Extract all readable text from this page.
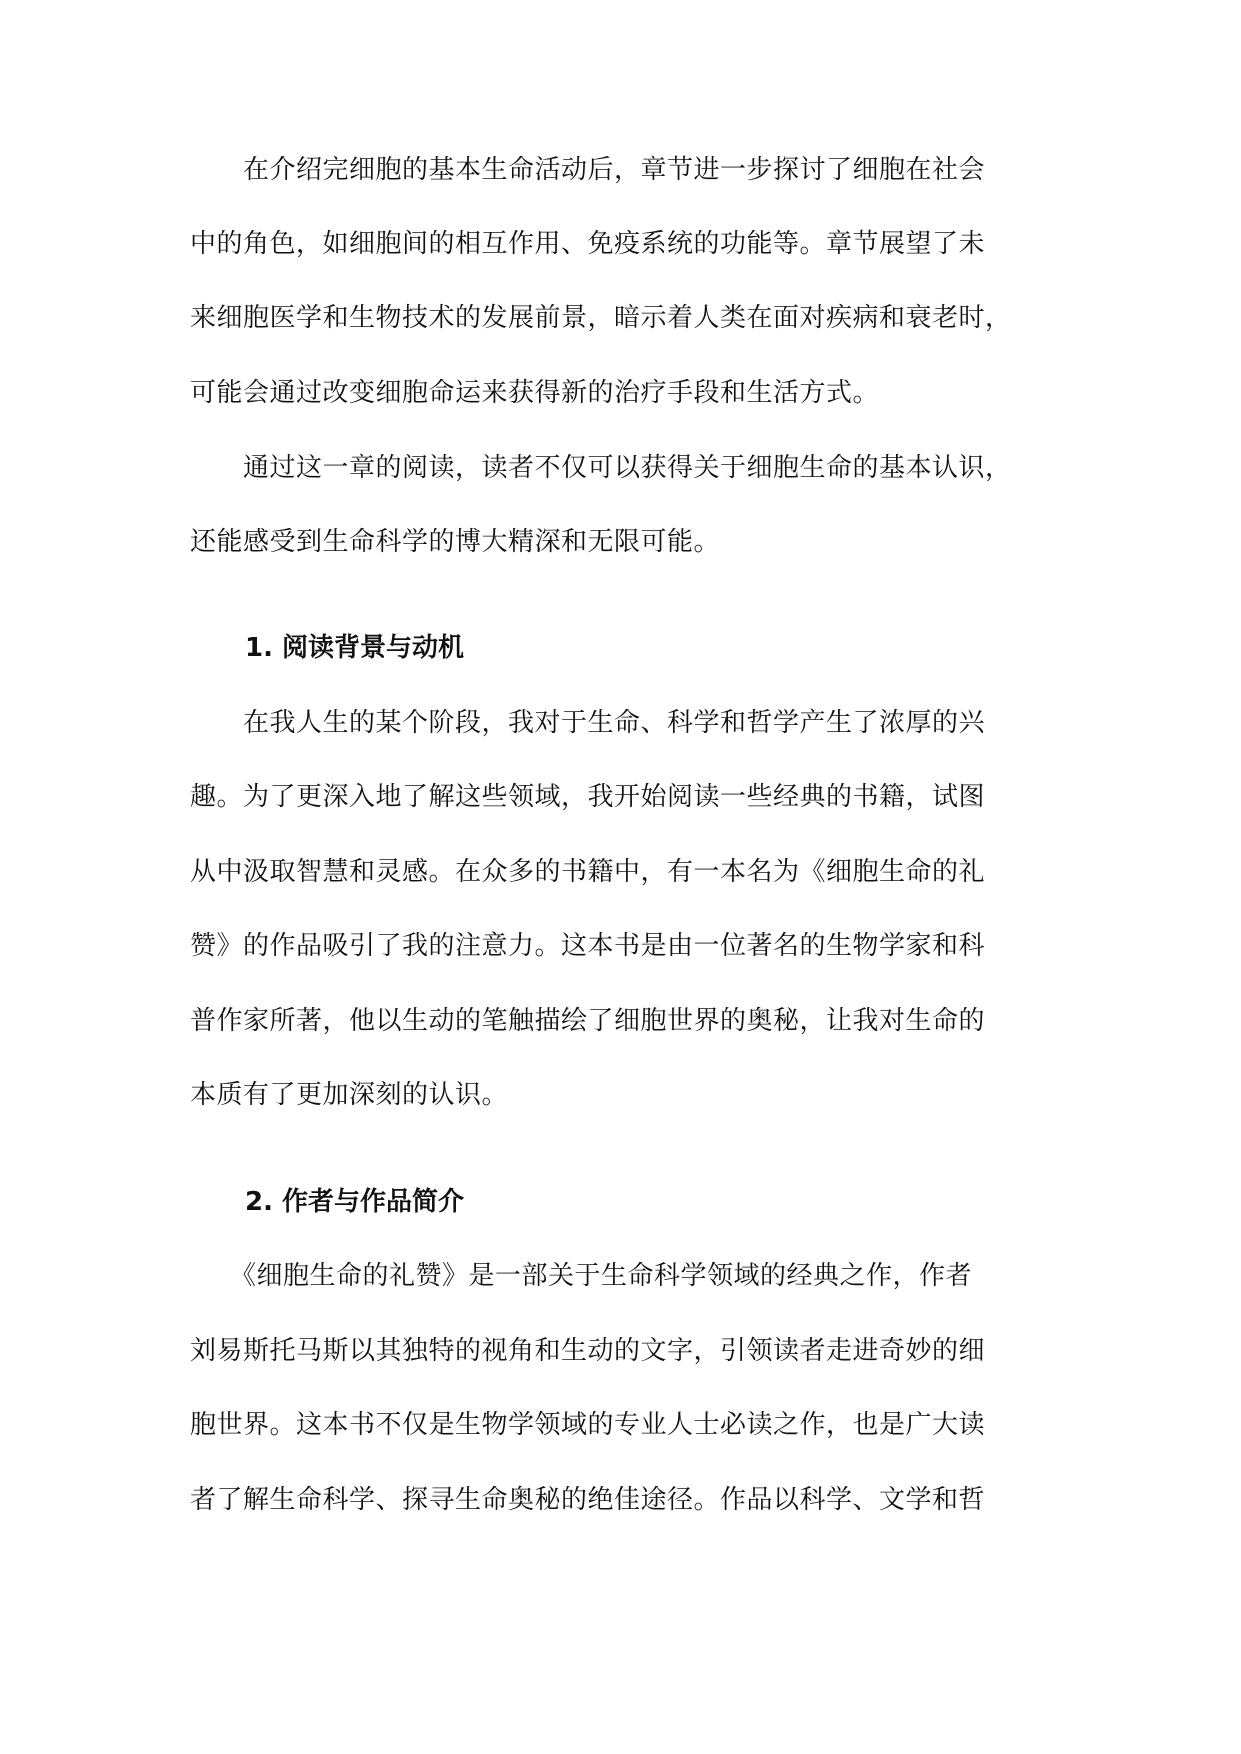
　　在介绍完细胞的基本生命活动后，章节进一步探讨了细胞在社会
中的角色，如细胞间的相互作用、免疫系统的功能等。章节展望了未
来细胞医学和生物技术的发展前景，暗示着人类在面对疾病和衰老时，
可能会通过改变细胞命运来获得新的治疗手段和生活方式。
　　通过这一章的阅读，读者不仅可以获得关于细胞生命的基本认识，
还能感受到生命科学的博大精深和无限可能。
1. 阅读背景与动机
　　在我人生的某个阶段，我对于生命、科学和哲学产生了浓厚的兴
趣。为了更深入地了解这些领域，我开始阅读一些经典的书籍，试图
从中汲取智慧和灵感。在众多的书籍中，有一本名为《细胞生命的礼
赞》的作品吸引了我的注意力。这本书是由一位著名的生物学家和科
普作家所著，他以生动的笔触描绘了细胞世界的奥秘，让我对生命的
本质有了更加深刻的认识。
2. 作者与作品简介
　　《细胞生命的礼赞》是一部关于生命科学领域的经典之作，作者
刘易斯托马斯以其独特的视角和生动的文字，引领读者走进奇妙的细
胞世界。这本书不仅是生物学领域的专业人士必读之作，也是广大读
者了解生命科学、探寻生命奥秘的绝佳途径。作品以科学、文学和哲
